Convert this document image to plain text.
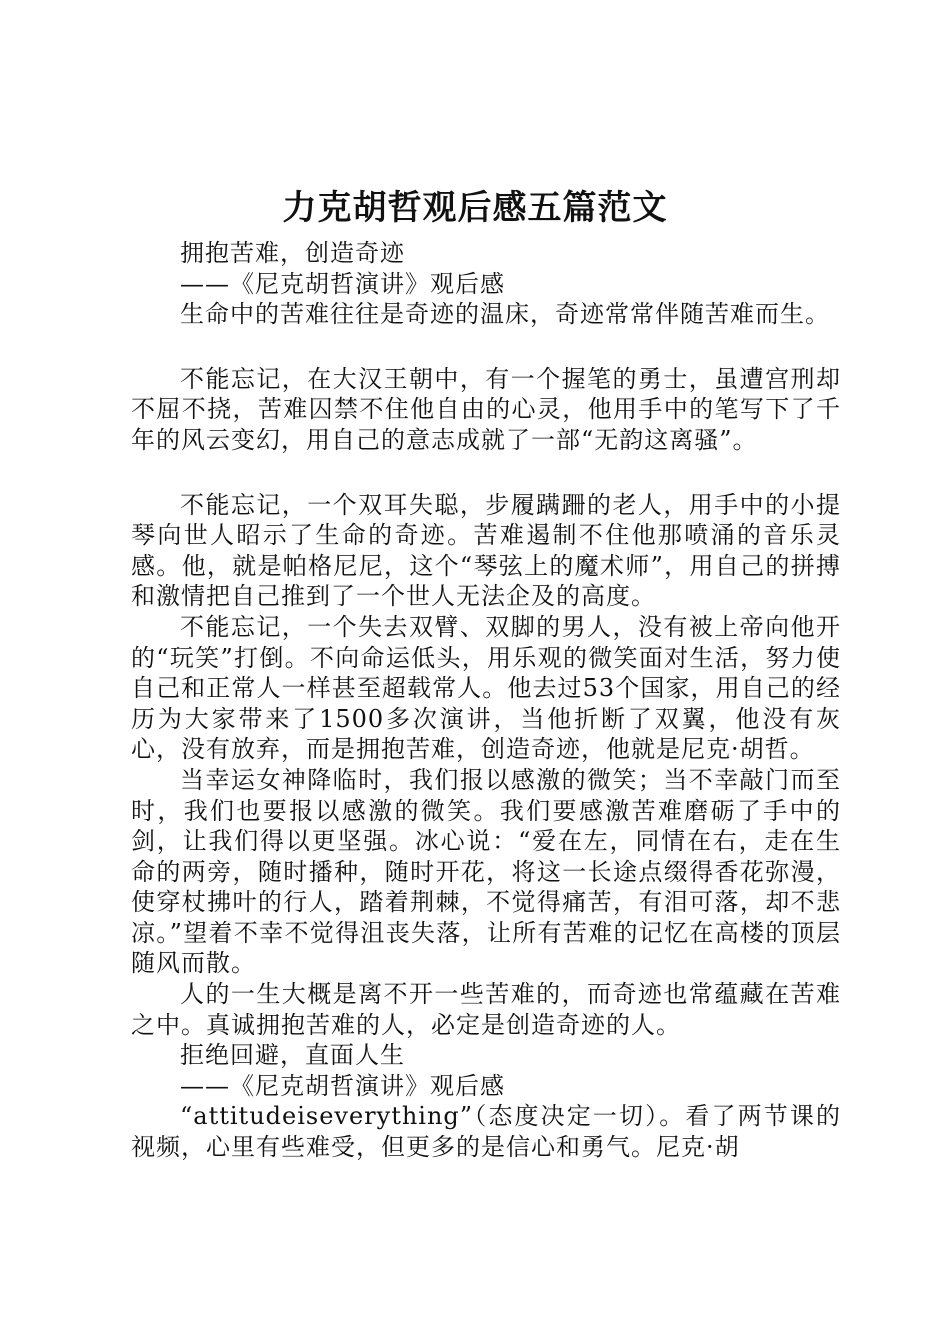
力克胡哲观后感五篇范文

拥抱苦难，创造奇迹

——《尼克胡哲演讲》观后感

生命中的苦难往往是奇迹的温床，奇迹常常伴随苦难而生。

不能忘记，在大汉王朝中，有一个握笔的勇士，虽遭宫刑却不屈不挠，苦难囚禁不住他自由的心灵，他用手中的笔写下了千年的风云变幻，用自己的意志成就了一部“无韵这离骚”。

不能忘记，一个双耳失聪，步履蹒跚的老人，用手中的小提琴向世人昭示了生命的奇迹。苦难遏制不住他那喷涌的音乐灵感。他，就是帕格尼尼，这个“琴弦上的魔术师”，用自己的拼搏和激情把自己推到了一个世人无法企及的高度。

不能忘记，一个失去双臂、双脚的男人，没有被上帝向他开的“玩笑”打倒。不向命运低头，用乐观的微笑面对生活，努力使自己和正常人一样甚至超载常人。他去过53个国家，用自己的经历为大家带来了1500多次演讲，当他折断了双翼，他没有灰心，没有放弃，而是拥抱苦难，创造奇迹，他就是尼克·胡哲。

当幸运女神降临时，我们报以感激的微笑；当不幸敲门而至时，我们也要报以感激的微笑。我们要感激苦难磨砺了手中的剑，让我们得以更坚强。冰心说：“爱在左，同情在右，走在生命的两旁，随时播种，随时开花，将这一长途点缀得香花弥漫，使穿杖拂叶的行人，踏着荆棘，不觉得痛苦，有泪可落，却不悲凉。”望着不幸不觉得沮丧失落，让所有苦难的记忆在高楼的顶层随风而散。

人的一生大概是离不开一些苦难的，而奇迹也常蕴藏在苦难之中。真诚拥抱苦难的人，必定是创造奇迹的人。

拒绝回避，直面人生

——《尼克胡哲演讲》观后感

“attitudeiseverything”（态度决定一切）。看了两节课的视频，心里有些难受，但更多的是信心和勇气。尼克·胡
